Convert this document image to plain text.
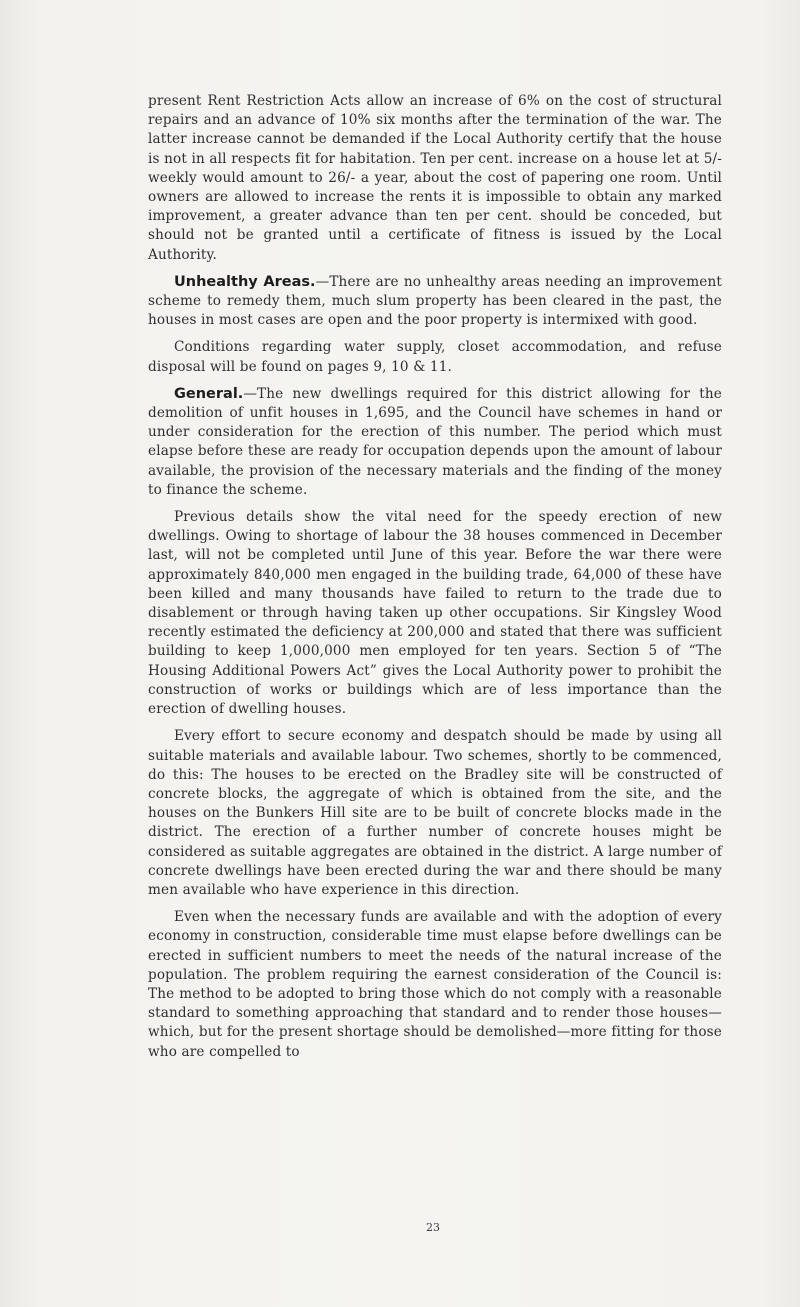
present Rent Restriction Acts allow an increase of 6% on the cost of structural repairs and an advance of 10% six months after the termination of the war. The latter increase cannot be demanded if the Local Authority certify that the house is not in all respects fit for habitation. Ten per cent. increase on a house let at 5/- weekly would amount to 26/- a year, about the cost of papering one room. Until owners are allowed to increase the rents it is impossible to obtain any marked improvement, a greater advance than ten per cent. should be conceded, but should not be granted until a certificate of fitness is issued by the Local Authority.

Unhealthy Areas.—There are no unhealthy areas needing an improvement scheme to remedy them, much slum property has been cleared in the past, the houses in most cases are open and the poor property is intermixed with good.

Conditions regarding water supply, closet accommodation, and refuse disposal will be found on pages 9, 10 & 11.

General.—The new dwellings required for this district allowing for the demolition of unfit houses in 1,695, and the Council have schemes in hand or under consideration for the erection of this number. The period which must elapse before these are ready for occupation depends upon the amount of labour available, the provision of the necessary materials and the finding of the money to finance the scheme.

Previous details show the vital need for the speedy erection of new dwellings. Owing to shortage of labour the 38 houses commenced in December last, will not be completed until June of this year. Before the war there were approximately 840,000 men engaged in the building trade, 64,000 of these have been killed and many thousands have failed to return to the trade due to disablement or through having taken up other occupations. Sir Kingsley Wood recently estimated the deficiency at 200,000 and stated that there was sufficient building to keep 1,000,000 men employed for ten years. Section 5 of “The Housing Additional Powers Act” gives the Local Authority power to prohibit the construction of works or buildings which are of less importance than the erection of dwelling houses.

Every effort to secure economy and despatch should be made by using all suitable materials and available labour. Two schemes, shortly to be commenced, do this: The houses to be erected on the Bradley site will be constructed of concrete blocks, the aggregate of which is obtained from the site, and the houses on the Bunkers Hill site are to be built of concrete blocks made in the district. The erection of a further number of concrete houses might be considered as suitable aggregates are obtained in the district. A large number of concrete dwellings have been erected during the war and there should be many men available who have experience in this direction.

Even when the necessary funds are available and with the adoption of every economy in construction, considerable time must elapse before dwellings can be erected in sufficient numbers to meet the needs of the natural increase of the population. The problem requiring the earnest consideration of the Council is: The method to be adopted to bring those which do not comply with a reasonable standard to something approaching that standard and to render those houses—which, but for the present shortage should be demolished—more fitting for those who are compelled to

23
